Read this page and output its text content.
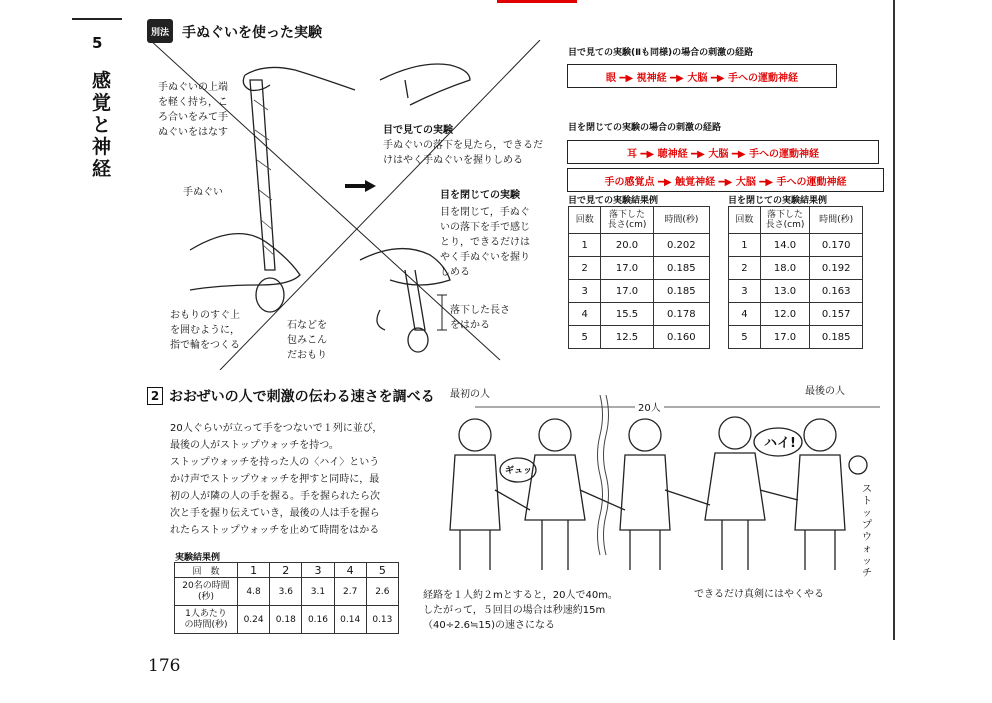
5
感
覚
と
神
経
別法 手ぬぐいを使った実験
手ぬぐいの上端
を軽く持ち，こ
ろ合いをみて手
ぬぐいをはなす
手ぬぐい
おもりのすぐ上
を囲むように，
指で輪をつくる
石などを
包みこん
だおもり
目で見ての実験
手ぬぐいの落下を見たら，できるだ
けはやく手ぬぐいを握りしめる
目を閉じての実験
目を閉じて，手ぬぐ
いの落下を手で感じ
とり，できるだけは
やく手ぬぐいを握り
しめる
落下した長さ
をはかる
目で見ての実験(Ⅱも同様)の場合の刺激の経路
眼 ━▶ 視神経 ━▶ 大脳 ━▶ 手への運動神経
目を閉じての実験の場合の刺激の経路
耳 ━▶ 聴神経 ━▶ 大脳 ━▶ 手への運動神経
手の感覚点 ━▶ 触覚神経 ━▶ 大脳 ━▶ 手への運動神経
目で見ての実験結果例
回数	落下した
長さ(cm)	時間(秒)
1	20.0	0.202
2	17.0	0.185
3	17.0	0.185
4	15.5	0.178
5	12.5	0.160
目を閉じての実験結果例
回数	落下した
長さ(cm)	時間(秒)
1	14.0	0.170
2	18.0	0.192
3	13.0	0.163
4	12.0	0.157
5	17.0	0.185
2 おおぜいの人で刺激の伝わる速さを調べる
20人ぐらいが立って手をつないで１列に並び，
最後の人がストップウォッチを持つ。
ストップウォッチを持った人の〈ハイ〉という
かけ声でストップウォッチを押すと同時に，最
初の人が隣の人の手を握る。手を握られたら次
次と手を握り伝えていき，最後の人は手を握ら
れたらストップウォッチを止めて時間をはかる
最初の人	最後の人
20人
ハイ!
ギュッ
ストップウォッチ
経路を１人約２mとすると，20人で40m。
したがって，５回目の場合は秒速約15m
（40÷2.6≒15)の速さになる
できるだけ真剣にはやくやる
実験結果例
回　数	1	2	3	4	5
20名の時間
(秒)	4.8	3.6	3.1	2.7	2.6
1人あたり
の時間(秒)	0.24	0.18	0.16	0.14	0.13
176
